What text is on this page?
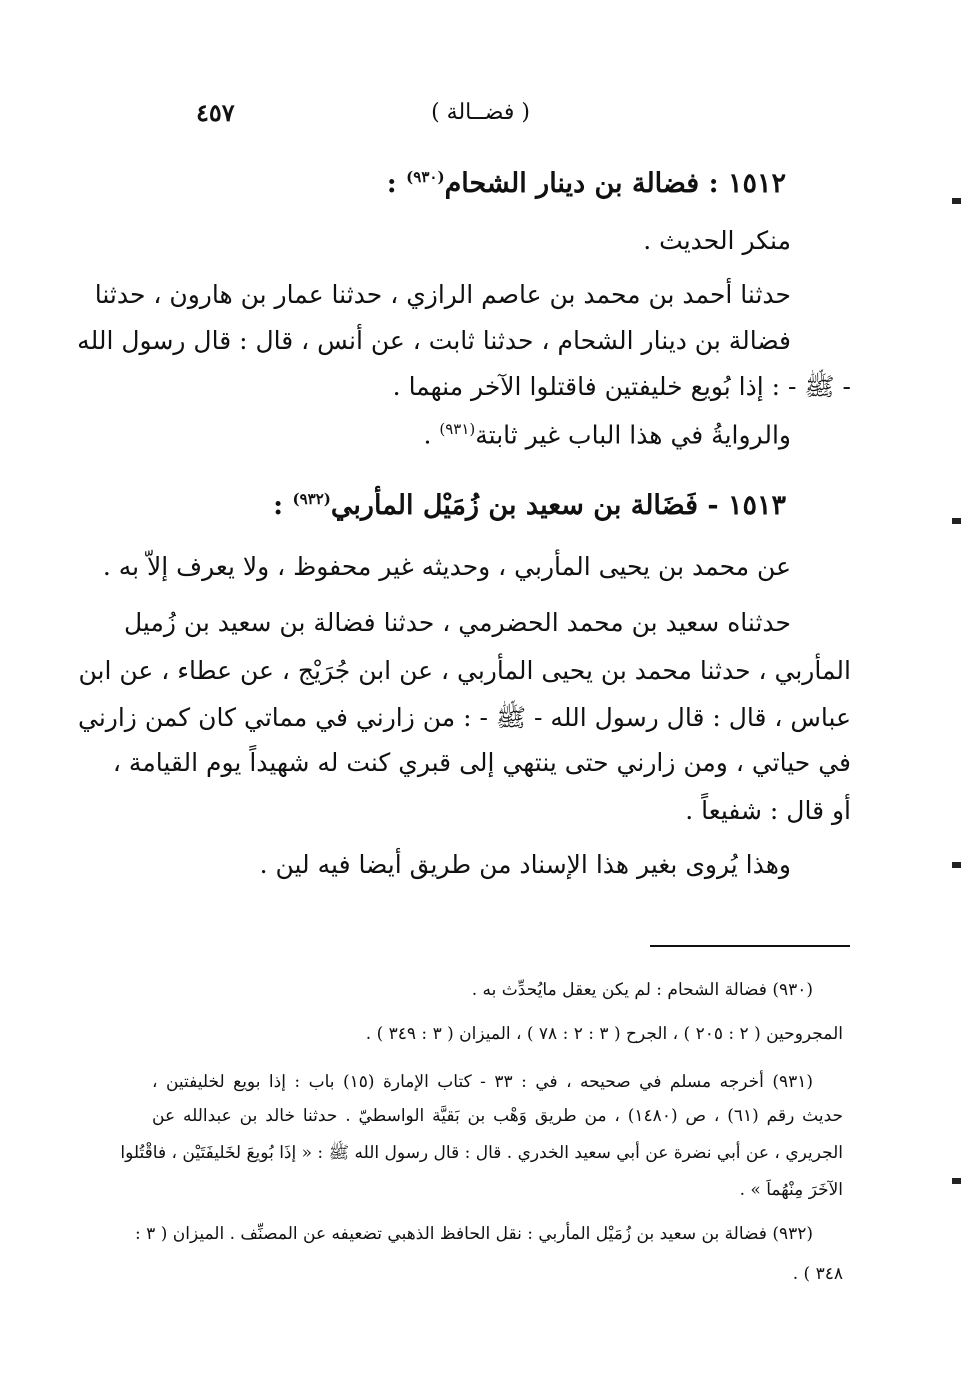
( فضــالة )
٤٥٧
١٥١٢ : فضالة بن دينار الشحام$^{(٩٣٠)}$ :
منكر الحديث .
حدثنا أحمد بن محمد بن عاصم الرازي ، حدثنا عمار بن هارون ، حدثنا
فضالة بن دينار الشحام ، حدثنا ثابت ، عن أنس ، قال : قال رسول الله
- ﷺ - : إذا بُويع خليفتين فاقتلوا الآخر منهما .
والروايةُ في هذا الباب غير ثابتة$^{(٩٣١)}$ .
١٥١٣ - فَضَالة بن سعيد بن زُمَيْل المأربي$^{(٩٣٢)}$ :
عن محمد بن يحيى المأربي ، وحديثه غير محفوظ ، ولا يعرف إلاّ به .
حدثناه سعيد بن محمد الحضرمي ، حدثنا فضالة بن سعيد بن زُميل
المأربي ، حدثنا محمد بن يحيى المأربي ، عن ابن جُرَيْج ، عن عطاء ، عن ابن
عباس ، قال : قال رسول الله - ﷺ - : من زارني في مماتي كان كمن زارني
في حياتي ، ومن زارني حتى ينتهي إلى قبري كنت له شهيداً يوم القيامة ،
أو قال : شفيعاً .
وهذا يُروى بغير هذا الإسناد من طريق أيضا فيه لين .
(٩٣٠) فضالة الشحام : لم يكن يعقل مايُحدِّث به .
المجروحين ( ٢ : ٢٠٥ ) ، الجرح ( ٣ : ٢ : ٧٨ ) ، الميزان ( ٣ : ٣٤٩ ) .
(٩٣١) أخرجه مسلم في صحيحه ، في : ٣٣ - كتاب الإمارة (١٥) باب : إذا بويع لخليفتين ،
حديث رقم (٦١) ، ص (١٤٨٠) ، من طريق وَهْب بن بَقيَّة الواسطيّ . حدثنا خالد بن عبدالله عن
الجريري ، عن أبي نضرة عن أبي سعيد الخدري . قال : قال رسول الله ﷺ : « إذَا بُويعَ لخَليفَتَيْن ، فاقْتُلوا
الآخَرَ مِنْهُماَ » .
(٩٣٢) فضالة بن سعيد بن زُمَيْل المأربي : نقل الحافظ الذهبي تضعيفه عن المصنِّف . الميزان ( ٣ :
٣٤٨ ) .
